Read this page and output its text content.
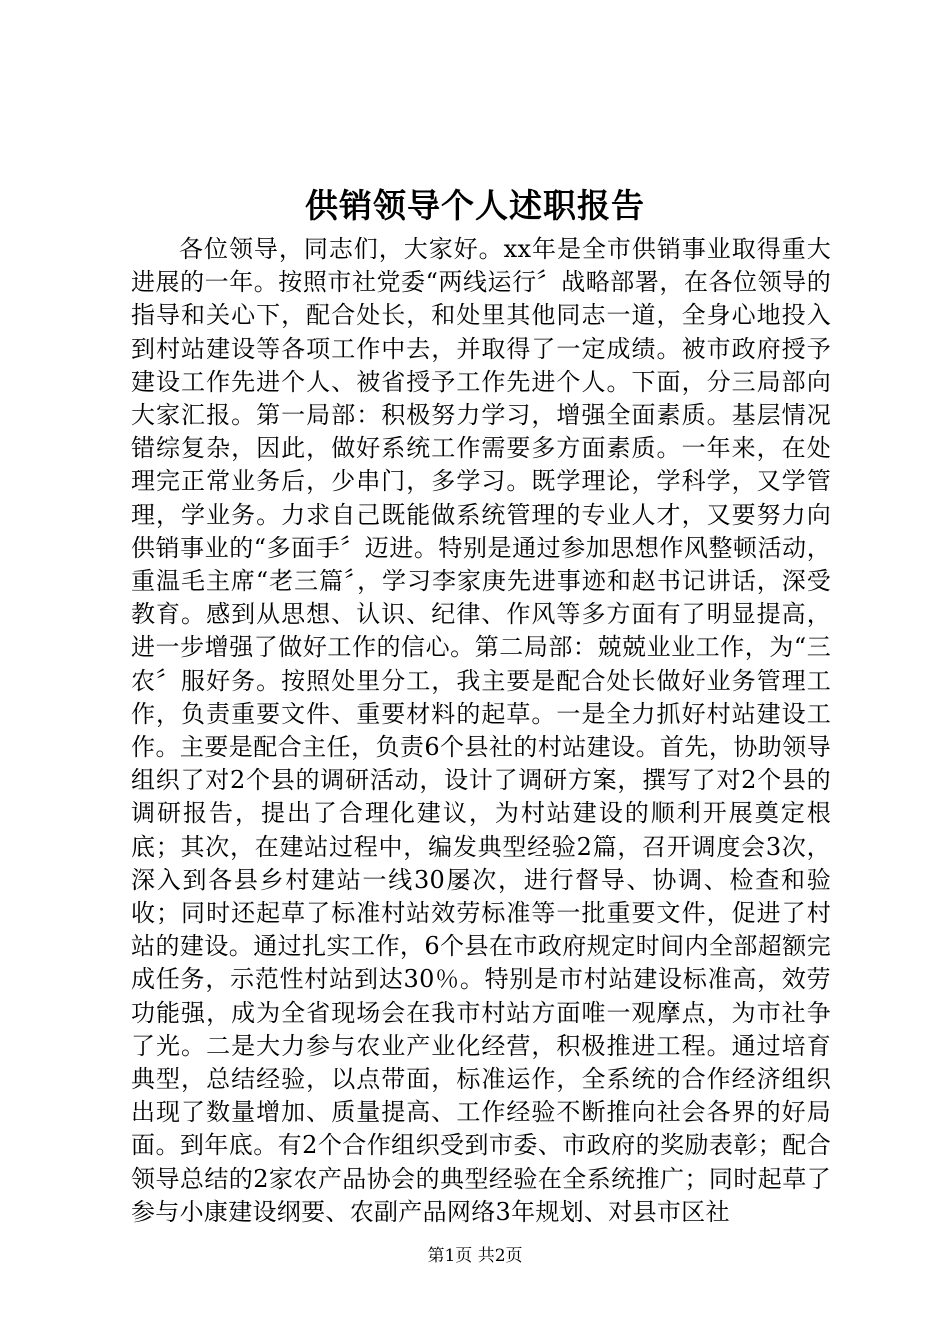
供销领导个人述职报告

各位领导，同志们，大家好。xx年是全市供销事业取得重大进展的一年。按照市社党委“两线运行〞战略部署，在各位领导的指导和关心下，配合处长，和处里其他同志一道，全身心地投入到村站建设等各项工作中去，并取得了一定成绩。被市政府授予建设工作先进个人、被省授予工作先进个人。下面，分三局部向大家汇报。第一局部：积极努力学习，增强全面素质。基层情况错综复杂，因此，做好系统工作需要多方面素质。一年来，在处理完正常业务后，少串门，多学习。既学理论，学科学，又学管理，学业务。力求自己既能做系统管理的专业人才，又要努力向供销事业的“多面手〞迈进。特别是通过参加思想作风整顿活动，重温毛主席“老三篇〞，学习李家庚先进事迹和赵书记讲话，深受教育。感到从思想、认识、纪律、作风等多方面有了明显提高，进一步增强了做好工作的信心。第二局部：兢兢业业工作，为“三农〞服好务。按照处里分工，我主要是配合处长做好业务管理工作，负责重要文件、重要材料的起草。一是全力抓好村站建设工作。主要是配合主任，负责6个县社的村站建设。首先，协助领导组织了对2个县的调研活动，设计了调研方案，撰写了对2个县的调研报告，提出了合理化建议，为村站建设的顺利开展奠定根底；其次，在建站过程中，编发典型经验2篇，召开调度会3次，深入到各县乡村建站一线30屡次，进行督导、协调、检查和验收；同时还起草了标准村站效劳标准等一批重要文件，促进了村站的建设。通过扎实工作，6个县在市政府规定时间内全部超额完成任务，示范性村站到达30％。特别是市村站建设标准高，效劳功能强，成为全省现场会在我市村站方面唯一观摩点，为市社争了光。二是大力参与农业产业化经营，积极推进工程。通过培育典型，总结经验，以点带面，标准运作，全系统的合作经济组织出现了数量增加、质量提高、工作经验不断推向社会各界的好局面。到年底。有2个合作组织受到市委、市政府的奖励表彰；配合领导总结的2家农产品协会的典型经验在全系统推广；同时起草了参与小康建设纲要、农副产品网络3年规划、对县市区社

第1页 共2页
